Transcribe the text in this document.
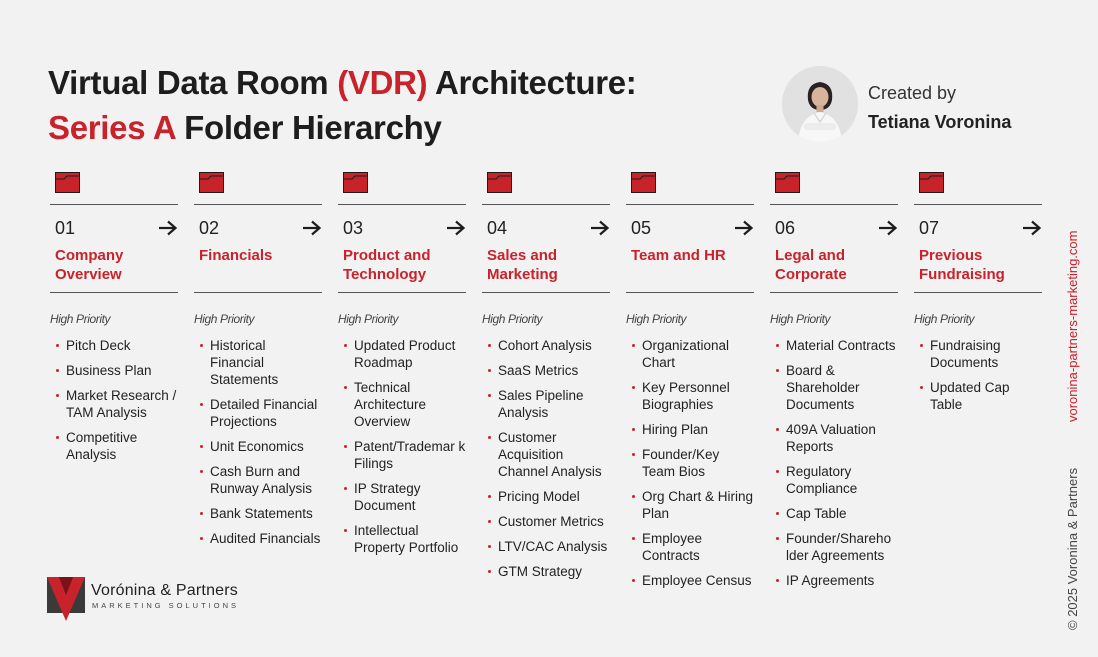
Virtual Data Room (VDR) Architecture:
Series A Folder Hierarchy
Created by
Tetiana Voronina
01
Company Overview
High Priority
Pitch Deck
Business Plan
Market Research / TAM Analysis
Competitive Analysis
02
Financials
High Priority
Historical Financial Statements
Detailed Financial Projections
Unit Economics
Cash Burn and Runway Analysis
Bank Statements
Audited Financials
03
Product and Technology
High Priority
Updated Product Roadmap
Technical Architecture Overview
Patent/Trademar k Filings
IP Strategy Document
Intellectual Property Portfolio
04
Sales and Marketing
High Priority
Cohort Analysis
SaaS Metrics
Sales Pipeline Analysis
Customer Acquisition Channel Analysis
Pricing Model
Customer Metrics
LTV/CAC Analysis
GTM Strategy
05
Team and HR
High Priority
Organizational Chart
Key Personnel Biographies
Hiring Plan
Founder/Key Team Bios
Org Chart & Hiring Plan
Employee Contracts
Employee Census
06
Legal and Corporate
High Priority
Material Contracts
Board & Shareholder Documents
409A Valuation Reports
Regulatory Compliance
Cap Table
Founder/Shareho lder Agreements
IP Agreements
07
Previous Fundraising
High Priority
Fundraising Documents
Updated Cap Table
Vorónina & Partners
MARKETING SOLUTIONS
voronina-partners-marketing.com
© 2025 Voronina & Partners
